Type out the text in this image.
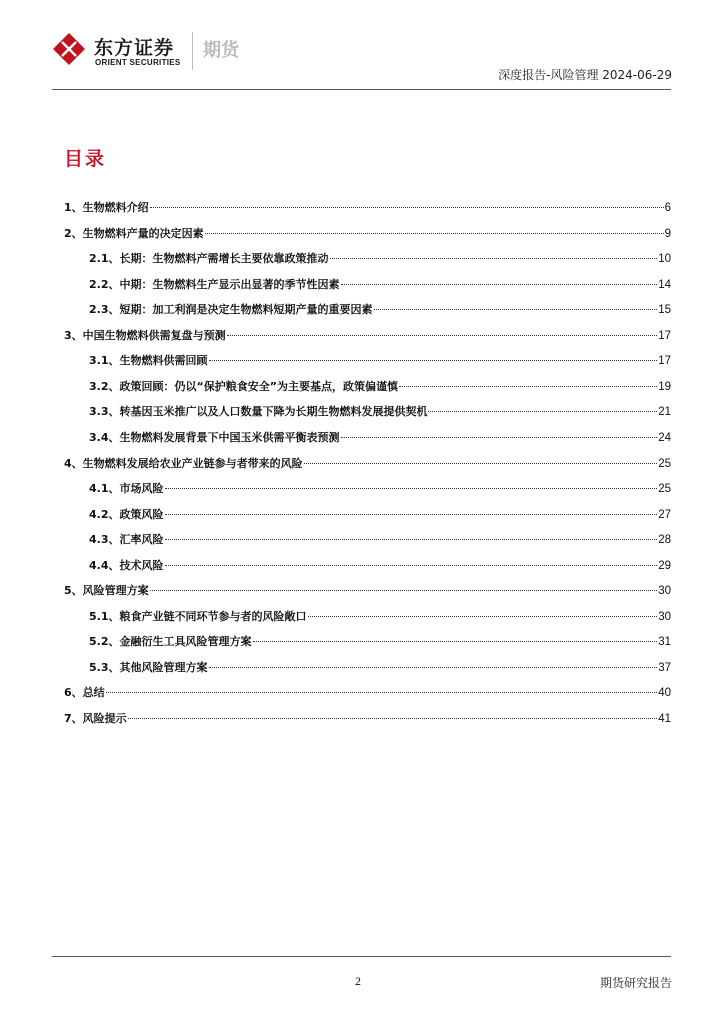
东方证券
ORIENT SECURITIES
期货
深度报告-风险管理 2024-06-29
目录
1、生物燃料介绍	6
2、生物燃料产量的决定因素	9
2.1、长期：生物燃料产需增长主要依靠政策推动	10
2.2、中期：生物燃料生产显示出显著的季节性因素	14
2.3、短期：加工利润是决定生物燃料短期产量的重要因素	15
3、中国生物燃料供需复盘与预测	17
3.1、生物燃料供需回顾	17
3.2、政策回顾：仍以“保护粮食安全”为主要基点，政策偏谨慎	19
3.3、转基因玉米推广以及人口数量下降为长期生物燃料发展提供契机	21
3.4、生物燃料发展背景下中国玉米供需平衡表预测	24
4、生物燃料发展给农业产业链参与者带来的风险	25
4.1、市场风险	25
4.2、政策风险	27
4.3、汇率风险	28
4.4、技术风险	29
5、风险管理方案	30
5.1、粮食产业链不同环节参与者的风险敞口	30
5.2、金融衍生工具风险管理方案	31
5.3、其他风险管理方案	37
6、总结	40
7、风险提示	41
2	期货研究报告
